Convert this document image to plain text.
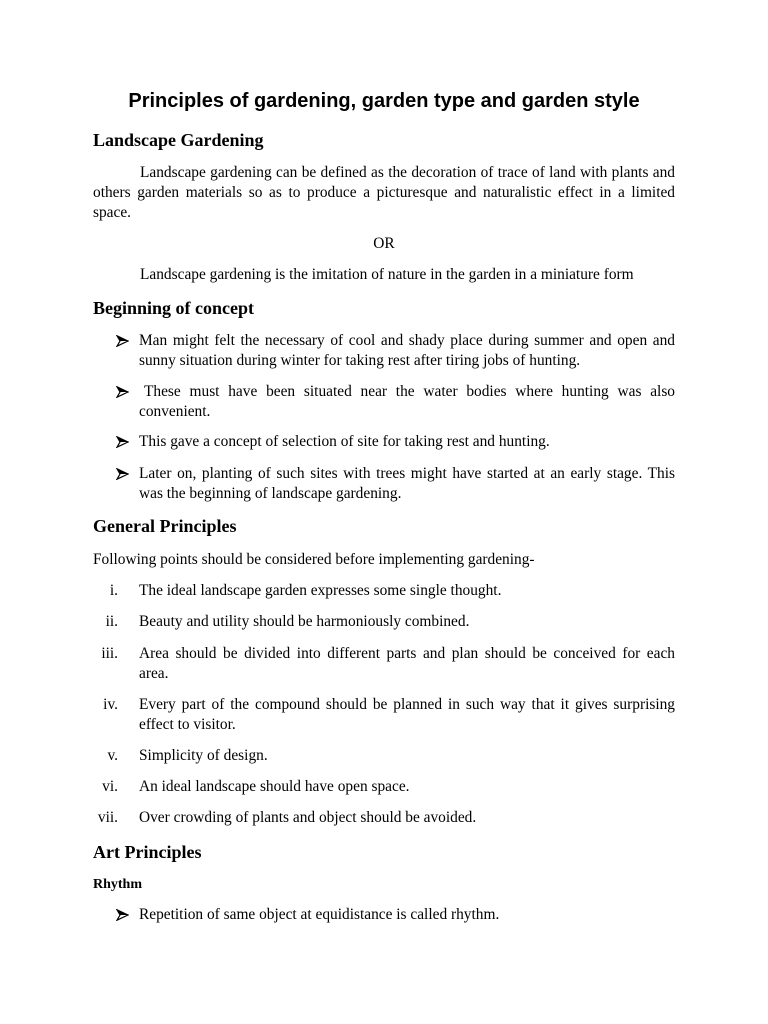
Principles of gardening, garden type and garden style
Landscape Gardening
Landscape gardening can be defined as the decoration of trace of land with plants and
others garden materials so as to produce a picturesque and naturalistic effect in a limited
space.
OR
Landscape gardening is the imitation of nature in the garden in a miniature form
Beginning of concept
Man might felt the necessary of cool and shady place during summer and open and
sunny situation during winter for taking rest after tiring jobs of hunting.
These must have been situated near the water bodies where hunting was also
convenient.
This gave a concept of selection of site for taking rest and hunting.
Later on, planting of such sites with trees might have started at an early stage. This
was the beginning of landscape gardening.
General Principles
Following points should be considered before implementing gardening-
i. The ideal landscape garden expresses some single thought.
ii. Beauty and utility should be harmoniously combined.
iii. Area should be divided into different parts and plan should be conceived for each
area.
iv. Every part of the compound should be planned in such way that it gives surprising
effect to visitor.
v. Simplicity of design.
vi. An ideal landscape should have open space.
vii. Over crowding of plants and object should be avoided.
Art Principles
Rhythm
Repetition of same object at equidistance is called rhythm.
